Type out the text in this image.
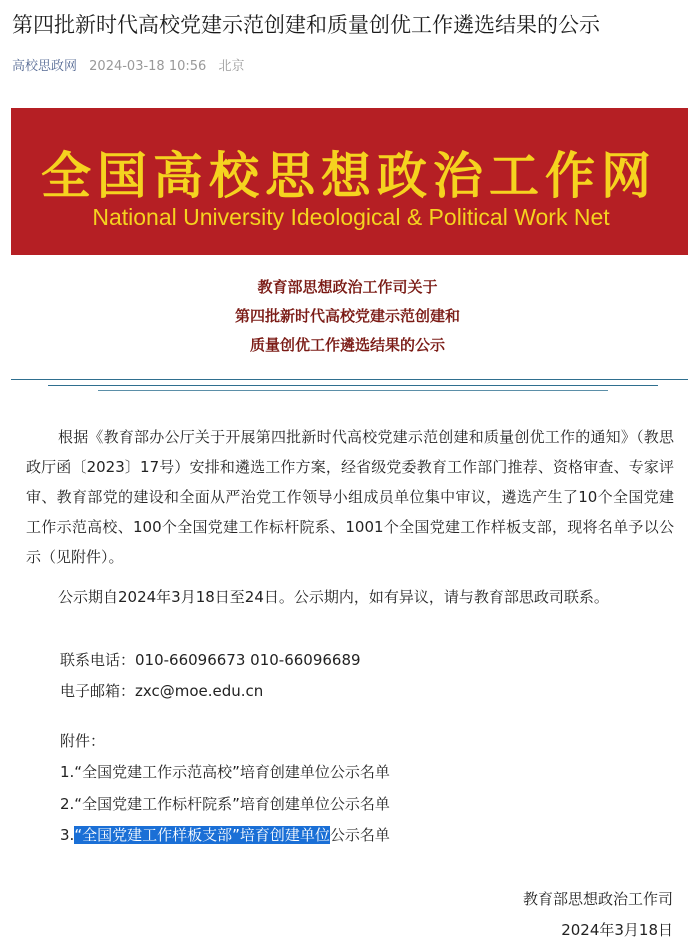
第四批新时代高校党建示范创建和质量创优工作遴选结果的公示
高校思政网 2024-03-18 10:56 北京
全国高校思想政治工作网
National University Ideological & Political Work Net
教育部思想政治工作司关于
第四批新时代高校党建示范创建和
质量创优工作遴选结果的公示
根据《教育部办公厅关于开展第四批新时代高校党建示范创建和质量创优工作的通知》（教思政厅函〔2023〕17号）安排和遴选工作方案，经省级党委教育工作部门推荐、资格审查、专家评审、教育部党的建设和全面从严治党工作领导小组成员单位集中审议，遴选产生了10个全国党建工作示范高校、100个全国党建工作标杆院系、1001个全国党建工作样板支部，现将名单予以公示（见附件）。
公示期自2024年3月18日至24日。公示期内，如有异议，请与教育部思政司联系。
联系电话：010-66096673 010-66096689
电子邮箱：zxc@moe.edu.cn
附件：
1.“全国党建工作示范高校”培育创建单位公示名单
2.“全国党建工作标杆院系”培育创建单位公示名单
3.“全国党建工作样板支部”培育创建单位公示名单
教育部思想政治工作司
2024年3月18日
